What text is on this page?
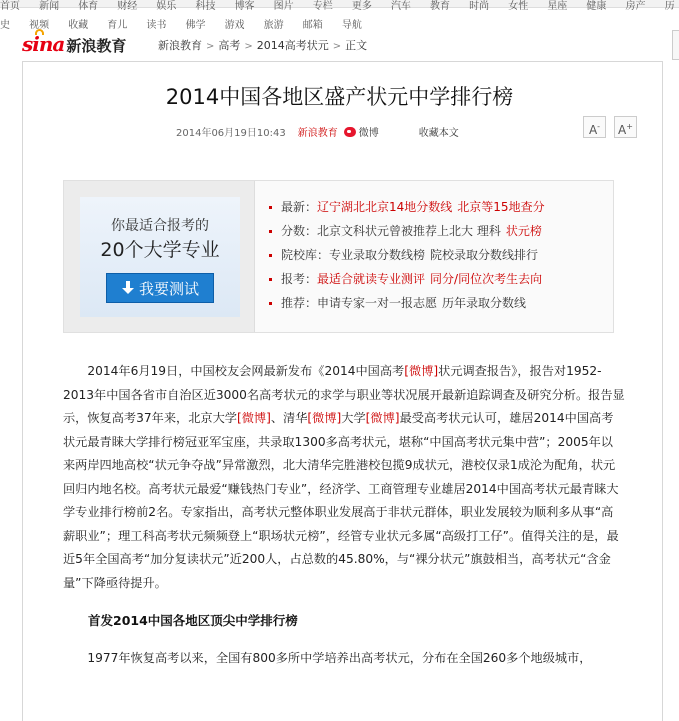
$^{首页}$ $^{新闻}$ $^{体育}$ $^{财经}$ $^{娱乐}$ $^{科技}$ $^{博客}$ $^{图片}$ $^{专栏}$ $^{更多}$ $^{汽车}$ $^{教育}$ $^{时尚}$ $^{女性}$ $^{星座}$ $^{健康}$ $^{房产}$ $^{历史}$ $^{视频}$ $^{收藏}$ $^{育儿}$ $^{读书}$ $^{佛学}$ $^{游戏}$ $^{旅游}$ $^{邮箱}$ $^{导航}$
sina 新浪教育	新浪教育 > 高考 > 2014高考状元 > 正文
2014中国各地区盛产状元中学排行榜
2014年06月19日10:43 新浪教育 微博	收藏本文	A-	A+
你最适合报考的
20个大学专业
我要测试
最新：辽宁湖北北京14地分数线 北京等15地查分
分数：北京文科状元曾被推荐上北大 理科 状元榜
院校库：专业录取分数线榜 院校录取分数线排行
报考：最适合就读专业测评 同分/同位次考生去向
推荐：申请专家一对一报志愿 历年录取分数线

2014年6月19日，中国校友会网最新发布《2014中国高考[微博]状元调查报告》，报告对1952-2013年中国各省市自治区近3000名高考状元的求学与职业等状况展开最新追踪调查及研究分析。报告显示，恢复高考37年来，北京大学[微博]、清华[微博]大学[微博]最受高考状元认可，雄居2014中国高考状元最青睐大学排行榜冠亚军宝座，共录取1300多高考状元，堪称“中国高考状元集中营”；2005年以来两岸四地高校“状元争夺战”异常激烈，北大清华完胜港校包揽9成状元，港校仅录1成沦为配角，状元回归内地名校。高考状元最爱“赚钱热门专业”，经济学、工商管理专业雄居2014中国高考状元最青睐大学专业排行榜前2名。专家指出，高考状元整体职业发展高于非状元群体，职业发展较为顺利多从事“高薪职业”；理工科高考状元频频登上“职场状元榜”，经管专业状元多属“高级打工仔”。值得关注的是，最近5年全国高考“加分复读状元”近200人，占总数的45.80%，与“裸分状元”旗鼓相当，高考状元“含金量”下降亟待提升。

首发2014中国各地区顶尖中学排行榜

1977年恢复高考以来，全国有800多所中学培养出高考状元，分布在全国260多个地级城市，
